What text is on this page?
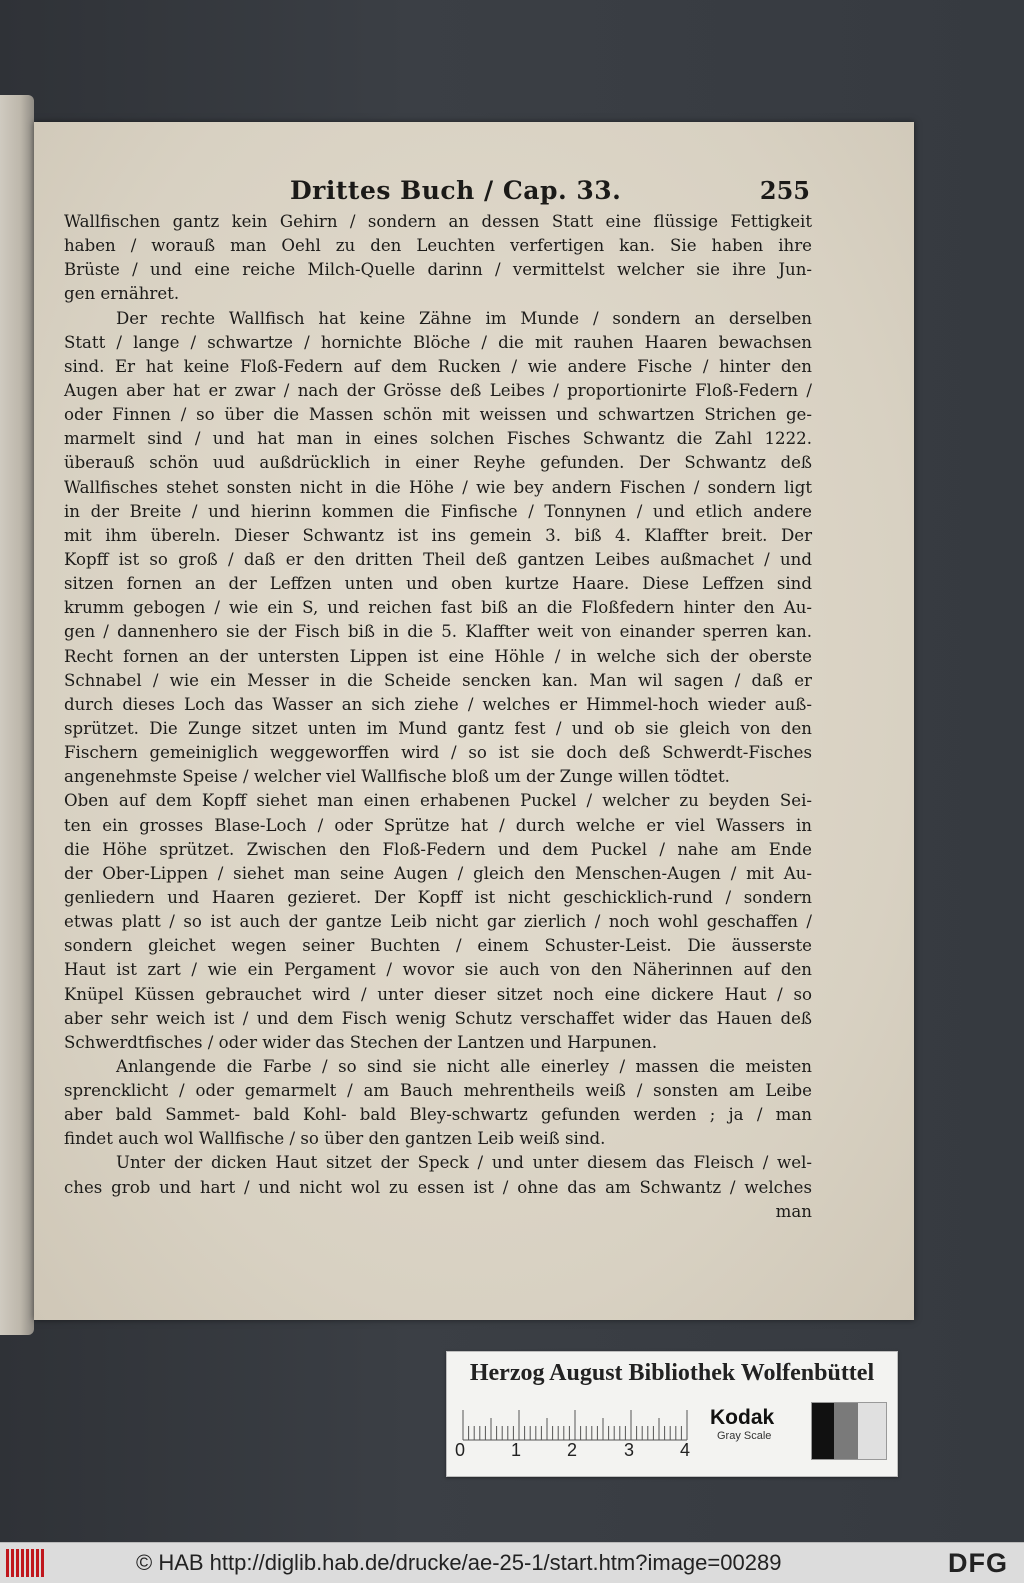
Drittes Buch / Cap. 33.	255
Wallfischen gantz kein Gehirn / sondern an dessen Statt eine flüssige Fettigkeit
haben / worauß man Oehl zu den Leuchten verfertigen kan. Sie haben ihre
Brüste / und eine reiche Milch-Quelle darinn / vermittelst welcher sie ihre Jun-
gen ernähret.
Der rechte Wallfisch hat keine Zähne im Munde / sondern an derselben
Statt / lange / schwartze / hornichte Blöche / die mit rauhen Haaren bewachsen
sind. Er hat keine Floß-Federn auf dem Rucken / wie andere Fische / hinter den
Augen aber hat er zwar / nach der Grösse deß Leibes / proportionirte Floß-Federn /
oder Finnen / so über die Massen schön mit weissen und schwartzen Strichen ge-
marmelt sind / und hat man in eines solchen Fisches Schwantz die Zahl 1222.
überauß schön uud außdrücklich in einer Reyhe gefunden. Der Schwantz deß
Wallfisches stehet sonsten nicht in die Höhe / wie bey andern Fischen / sondern ligt
in der Breite / und hierinn kommen die Finfische / Tonnynen / und etlich andere
mit ihm übereln. Dieser Schwantz ist ins gemein 3. biß 4. Klaffter breit. Der
Kopff ist so groß / daß er den dritten Theil deß gantzen Leibes außmachet / und
sitzen fornen an der Leffzen unten und oben kurtze Haare. Diese Leffzen sind
krumm gebogen / wie ein S, und reichen fast biß an die Floßfedern hinter den Au-
gen / dannenhero sie der Fisch biß in die 5. Klaffter weit von einander sperren kan.
Recht fornen an der untersten Lippen ist eine Höhle / in welche sich der oberste
Schnabel / wie ein Messer in die Scheide sencken kan. Man wil sagen / daß er
durch dieses Loch das Wasser an sich ziehe / welches er Himmel-hoch wieder auß-
sprützet. Die Zunge sitzet unten im Mund gantz fest / und ob sie gleich von den
Fischern gemeiniglich weggeworffen wird / so ist sie doch deß Schwerdt-Fisches
angenehmste Speise / welcher viel Wallfische bloß um der Zunge willen tödtet.
Oben auf dem Kopff siehet man einen erhabenen Puckel / welcher zu beyden Sei-
ten ein grosses Blase-Loch / oder Sprütze hat / durch welche er viel Wassers in
die Höhe sprützet. Zwischen den Floß-Federn und dem Puckel / nahe am Ende
der Ober-Lippen / siehet man seine Augen / gleich den Menschen-Augen / mit Au-
genliedern und Haaren gezieret. Der Kopff ist nicht geschicklich-rund / sondern
etwas platt / so ist auch der gantze Leib nicht gar zierlich / noch wohl geschaffen /
sondern gleichet wegen seiner Buchten / einem Schuster-Leist. Die äusserste
Haut ist zart / wie ein Pergament / wovor sie auch von den Näherinnen auf den
Knüpel Küssen gebrauchet wird / unter dieser sitzet noch eine dickere Haut / so
aber sehr weich ist / und dem Fisch wenig Schutz verschaffet wider das Hauen deß
Schwerdtfisches / oder wider das Stechen der Lantzen und Harpunen.
Anlangende die Farbe / so sind sie nicht alle einerley / massen die meisten
sprencklicht / oder gemarmelt / am Bauch mehrentheils weiß / sonsten am Leibe
aber bald Sammet- bald Kohl- bald Bley-schwartz gefunden werden ; ja / man
findet auch wol Wallfische / so über den gantzen Leib weiß sind.
Unter der dicken Haut sitzet der Speck / und unter diesem das Fleisch / wel-
ches grob und hart / und nicht wol zu essen ist / ohne das am Schwantz / welches
man
Herzog August Bibliothek Wolfenbüttel
0	1	2	3	4
Kodak
Gray Scale
© HAB http://diglib.hab.de/drucke/ae-25-1/start.htm?image=00289	DFG
